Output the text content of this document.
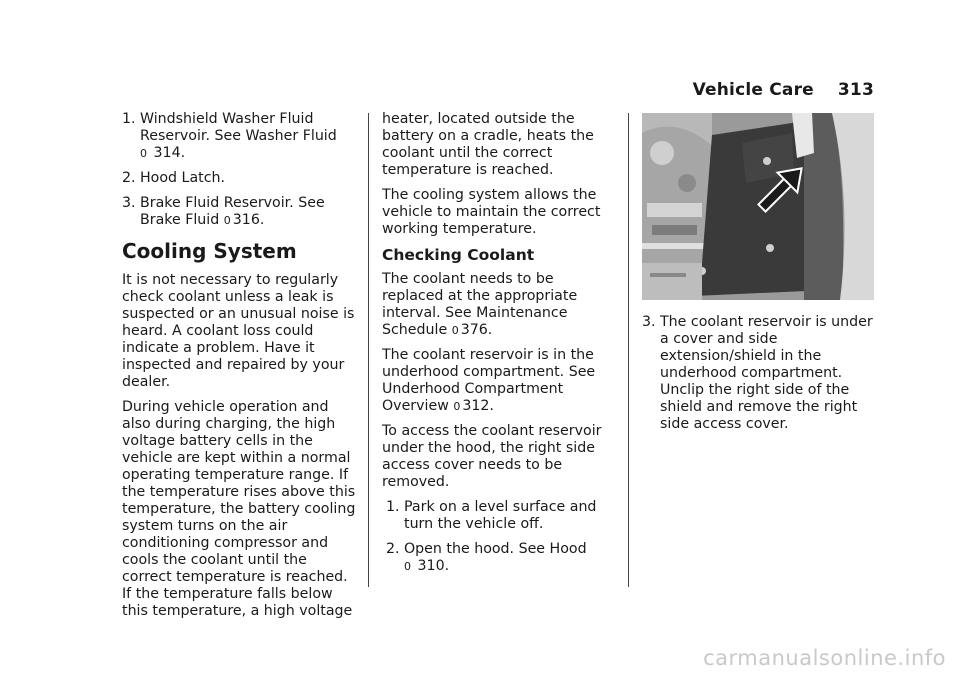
Vehicle Care 313
1. Windshield Washer Fluid Reservoir. See Washer Fluid
0 314.
2. Hood Latch.
3. Brake Fluid Reservoir. See Brake Fluid 0 316.
Cooling System

It is not necessary to regularly check coolant unless a leak is suspected or an unusual noise is heard. A coolant loss could indicate a problem. Have it inspected and repaired by your dealer.

During vehicle operation and also during charging, the high voltage battery cells in the vehicle are kept within a normal operating temperature range. If the temperature rises above this temperature, the battery cooling system turns on the air conditioning compressor and cools the coolant until the correct temperature is reached. If the temperature falls below this temperature, a high voltage

heater, located outside the battery on a cradle, heats the coolant until the correct temperature is reached.

The cooling system allows the vehicle to maintain the correct working temperature.

Checking Coolant

The coolant needs to be replaced at the appropriate interval. See Maintenance Schedule 0 376.

The coolant reservoir is in the underhood compartment. See Underhood Compartment Overview 0 312.

To access the coolant reservoir under the hood, the right side access cover needs to be removed.

1. Park on a level surface and turn the vehicle off.
2. Open the hood. See Hood
0 310.
3. The coolant reservoir is under a cover and side extension/shield in the underhood compartment. Unclip the right side of the shield and remove the right side access cover.
carmanualsonline.info
